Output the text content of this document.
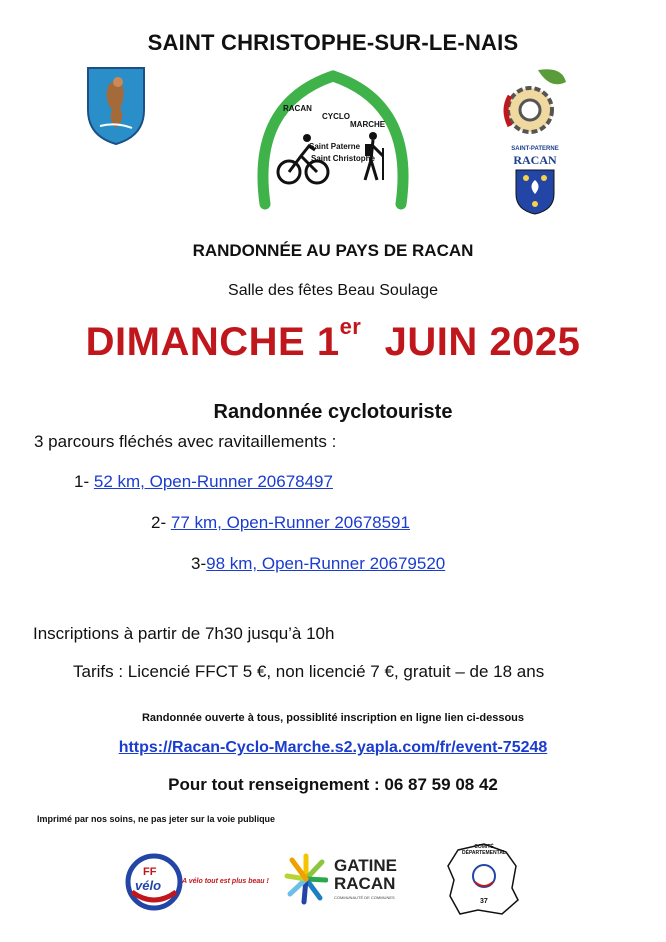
SAINT CHRISTOPHE-SUR-LE-NAIS
RACAN
CYCLO
MARCHE
Saint Paterne
Saint Christophe
SAINT-PATERNE
RACAN
RANDONNÉE AU PAYS DE RACAN
Salle des fêtes Beau Soulage
DIMANCHE 1er JUIN 2025
Randonnée cyclotouriste
3 parcours fléchés avec ravitaillements :
1- 52 km, Open-Runner 20678497
2- 77 km, Open-Runner 20678591
3-98 km, Open-Runner 20679520
Inscriptions à partir de 7h30 jusqu’à 10h
Tarifs : Licencié FFCT 5 €, non licencié 7 €, gratuit – de 18 ans
Randonnée ouverte à tous, possiblité inscription en ligne lien ci-dessous
https://Racan-Cyclo-Marche.s2.yapla.com/fr/event-75248
Pour tout renseignement : 06 87 59 08 42
Imprimé par nos soins, ne pas jeter sur la voie publique
FF
vélo	A vélo tout est plus beau !
GATINE
RACAN
COMMUNAUTÉ DE COMMUNES
COMITÉ
DÉPARTEMENTAL
37
